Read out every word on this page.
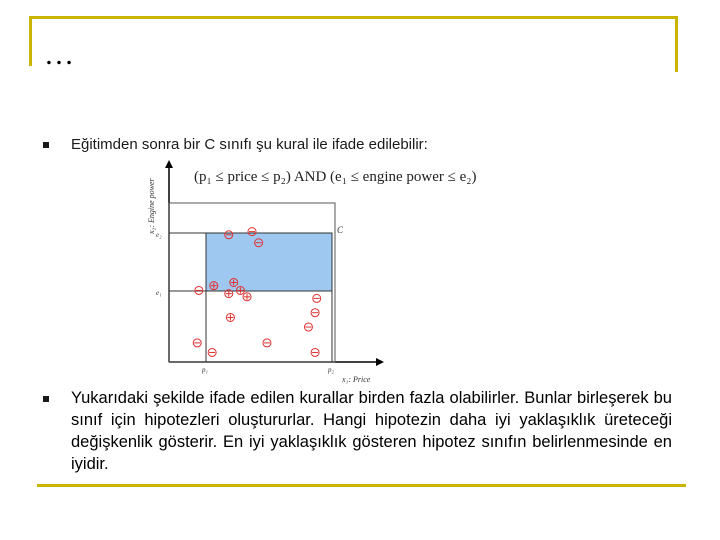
…
Eğitimden sonra bir C sınıfı şu kural ile ifade edilebilir:
(p₁ ≤ price ≤ p₂) AND (e₁ ≤ engine power ≤ e₂)
C
p₁	p₂
e₂
e₁
x₁: Price
x₂: Engine power
Yukarıdaki şekilde ifade edilen kurallar birden fazla olabilirler. Bunlar birleşerek bu sınıf için hipotezleri oluştururlar. Hangi hipotezin daha iyi yaklaşıklık üreteceği değişkenlik gösterir. En iyi yaklaşıklık gösteren hipotez sınıfın belirlenmesinde en iyidir.
